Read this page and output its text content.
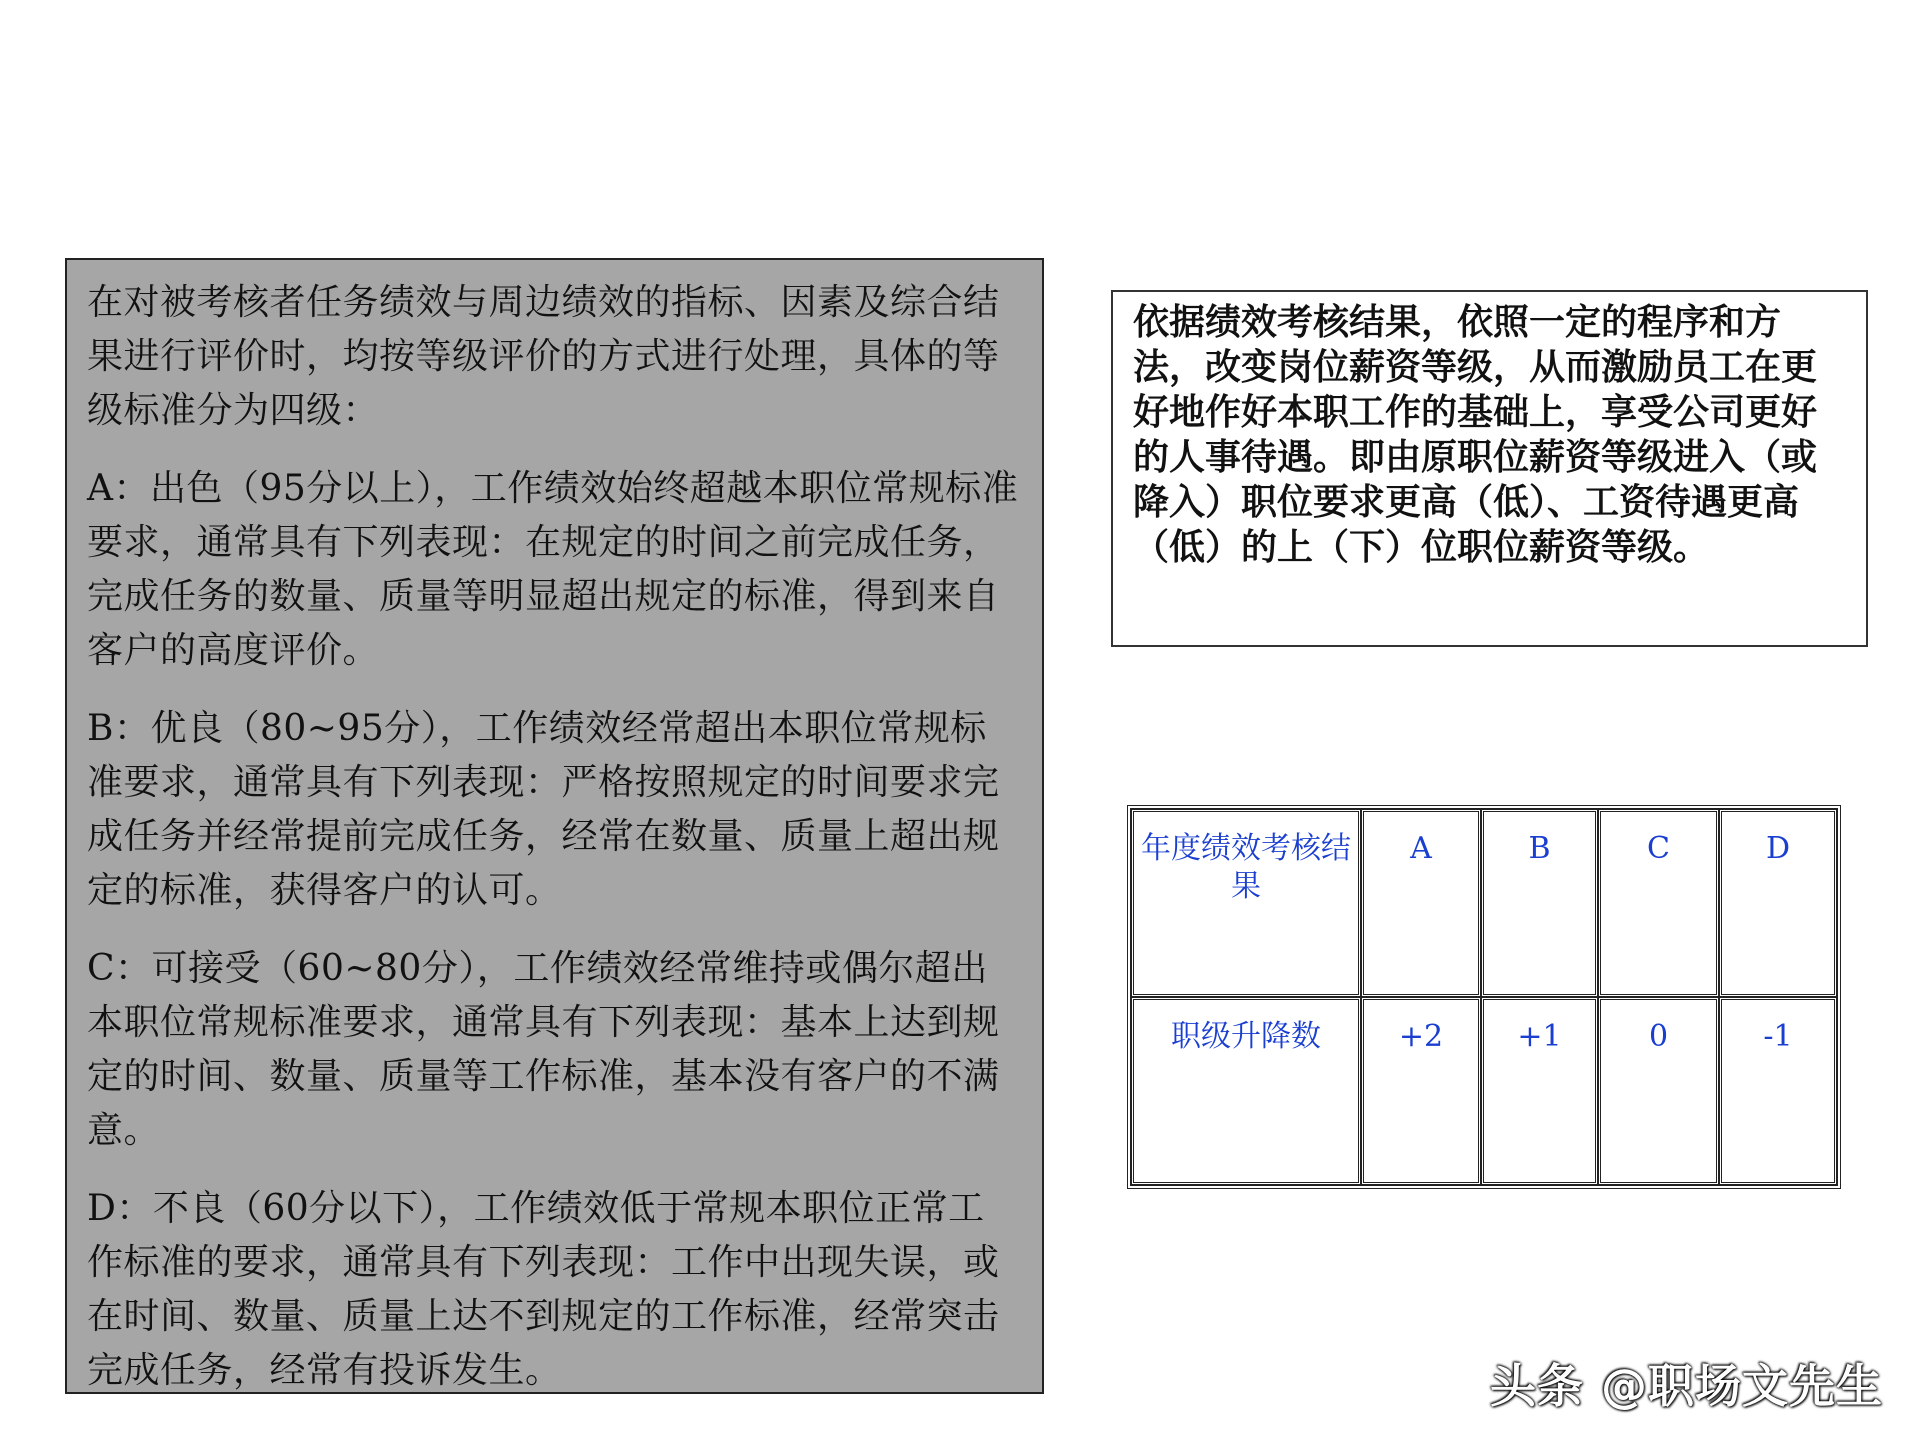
在对被考核者任务绩效与周边绩效的指标、因素及综合结果进行评价时，均按等级评价的方式进行处理，具体的等级标准分为四级：

A：出色（95分以上），工作绩效始终超越本职位常规标准要求，通常具有下列表现：在规定的时间之前完成任务，完成任务的数量、质量等明显超出规定的标准，得到来自客户的高度评价。

B：优良（80~95分），工作绩效经常超出本职位常规标准要求，通常具有下列表现：严格按照规定的时间要求完成任务并经常提前完成任务，经常在数量、质量上超出规定的标准，获得客户的认可。

C：可接受（60~80分），工作绩效经常维持或偶尔超出本职位常规标准要求，通常具有下列表现：基本上达到规定的时间、数量、质量等工作标准，基本没有客户的不满意。

D：不良（60分以下），工作绩效低于常规本职位正常工作标准的要求，通常具有下列表现：工作中出现失误，或在时间、数量、质量上达不到规定的工作标准，经常突击完成任务，经常有投诉发生。

依据绩效考核结果，依照一定的程序和方法，改变岗位薪资等级，从而激励员工在更好地作好本职工作的基础上，享受公司更好的人事待遇。即由原职位薪资等级进入（或降入）职位要求更高（低）、工资待遇更高（低）的上（下）位职位薪资等级。

年度绩效考核结果	A	B	C	D
职级升降数	+2	+1	0	-1
头条 @职场文先生
